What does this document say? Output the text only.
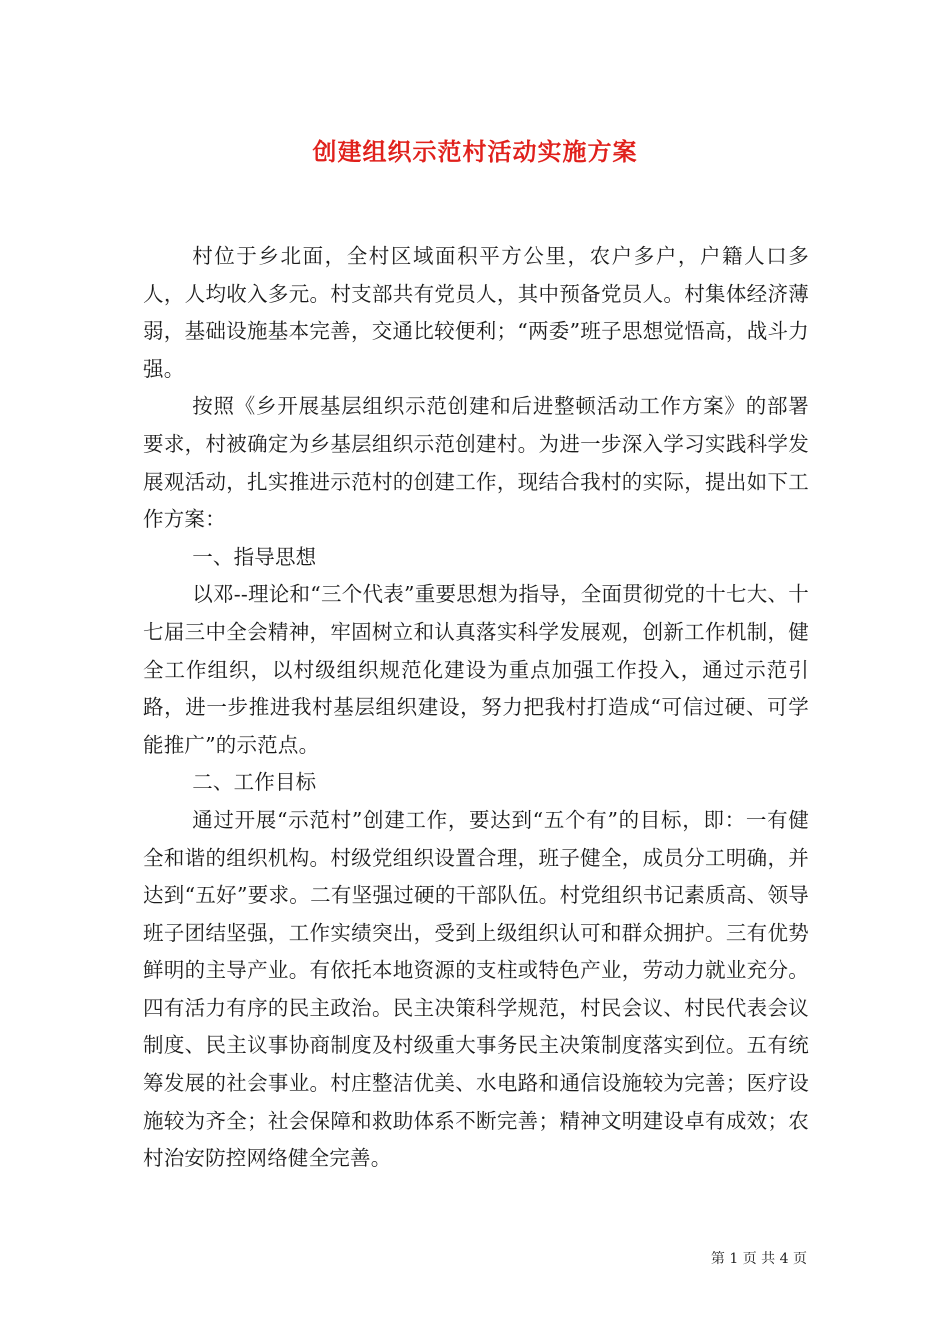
创建组织示范村活动实施方案

村位于乡北面，全村区域面积平方公里，农户多户，户籍人口多人，人均收入多元。村支部共有党员人，其中预备党员人。村集体经济薄弱，基础设施基本完善，交通比较便利；“两委”班子思想觉悟高，战斗力强。

按照《乡开展基层组织示范创建和后进整顿活动工作方案》的部署要求，村被确定为乡基层组织示范创建村。为进一步深入学习实践科学发展观活动，扎实推进示范村的创建工作，现结合我村的实际，提出如下工作方案：

一、指导思想

以邓--理论和“三个代表”重要思想为指导，全面贯彻党的十七大、十七届三中全会精神，牢固树立和认真落实科学发展观，创新工作机制，健全工作组织，以村级组织规范化建设为重点加强工作投入，通过示范引路，进一步推进我村基层组织建设，努力把我村打造成“可信过硬、可学能推广”的示范点。

二、工作目标

通过开展“示范村”创建工作，要达到“五个有”的目标，即：一有健全和谐的组织机构。村级党组织设置合理，班子健全，成员分工明确，并达到“五好”要求。二有坚强过硬的干部队伍。村党组织书记素质高、领导班子团结坚强，工作实绩突出，受到上级组织认可和群众拥护。三有优势鲜明的主导产业。有依托本地资源的支柱或特色产业，劳动力就业充分。四有活力有序的民主政治。民主决策科学规范，村民会议、村民代表会议制度、民主议事协商制度及村级重大事务民主决策制度落实到位。五有统筹发展的社会事业。村庄整洁优美、水电路和通信设施较为完善；医疗设施较为齐全；社会保障和救助体系不断完善；精神文明建设卓有成效；农村治安防控网络健全完善。

第 1 页 共 4 页
